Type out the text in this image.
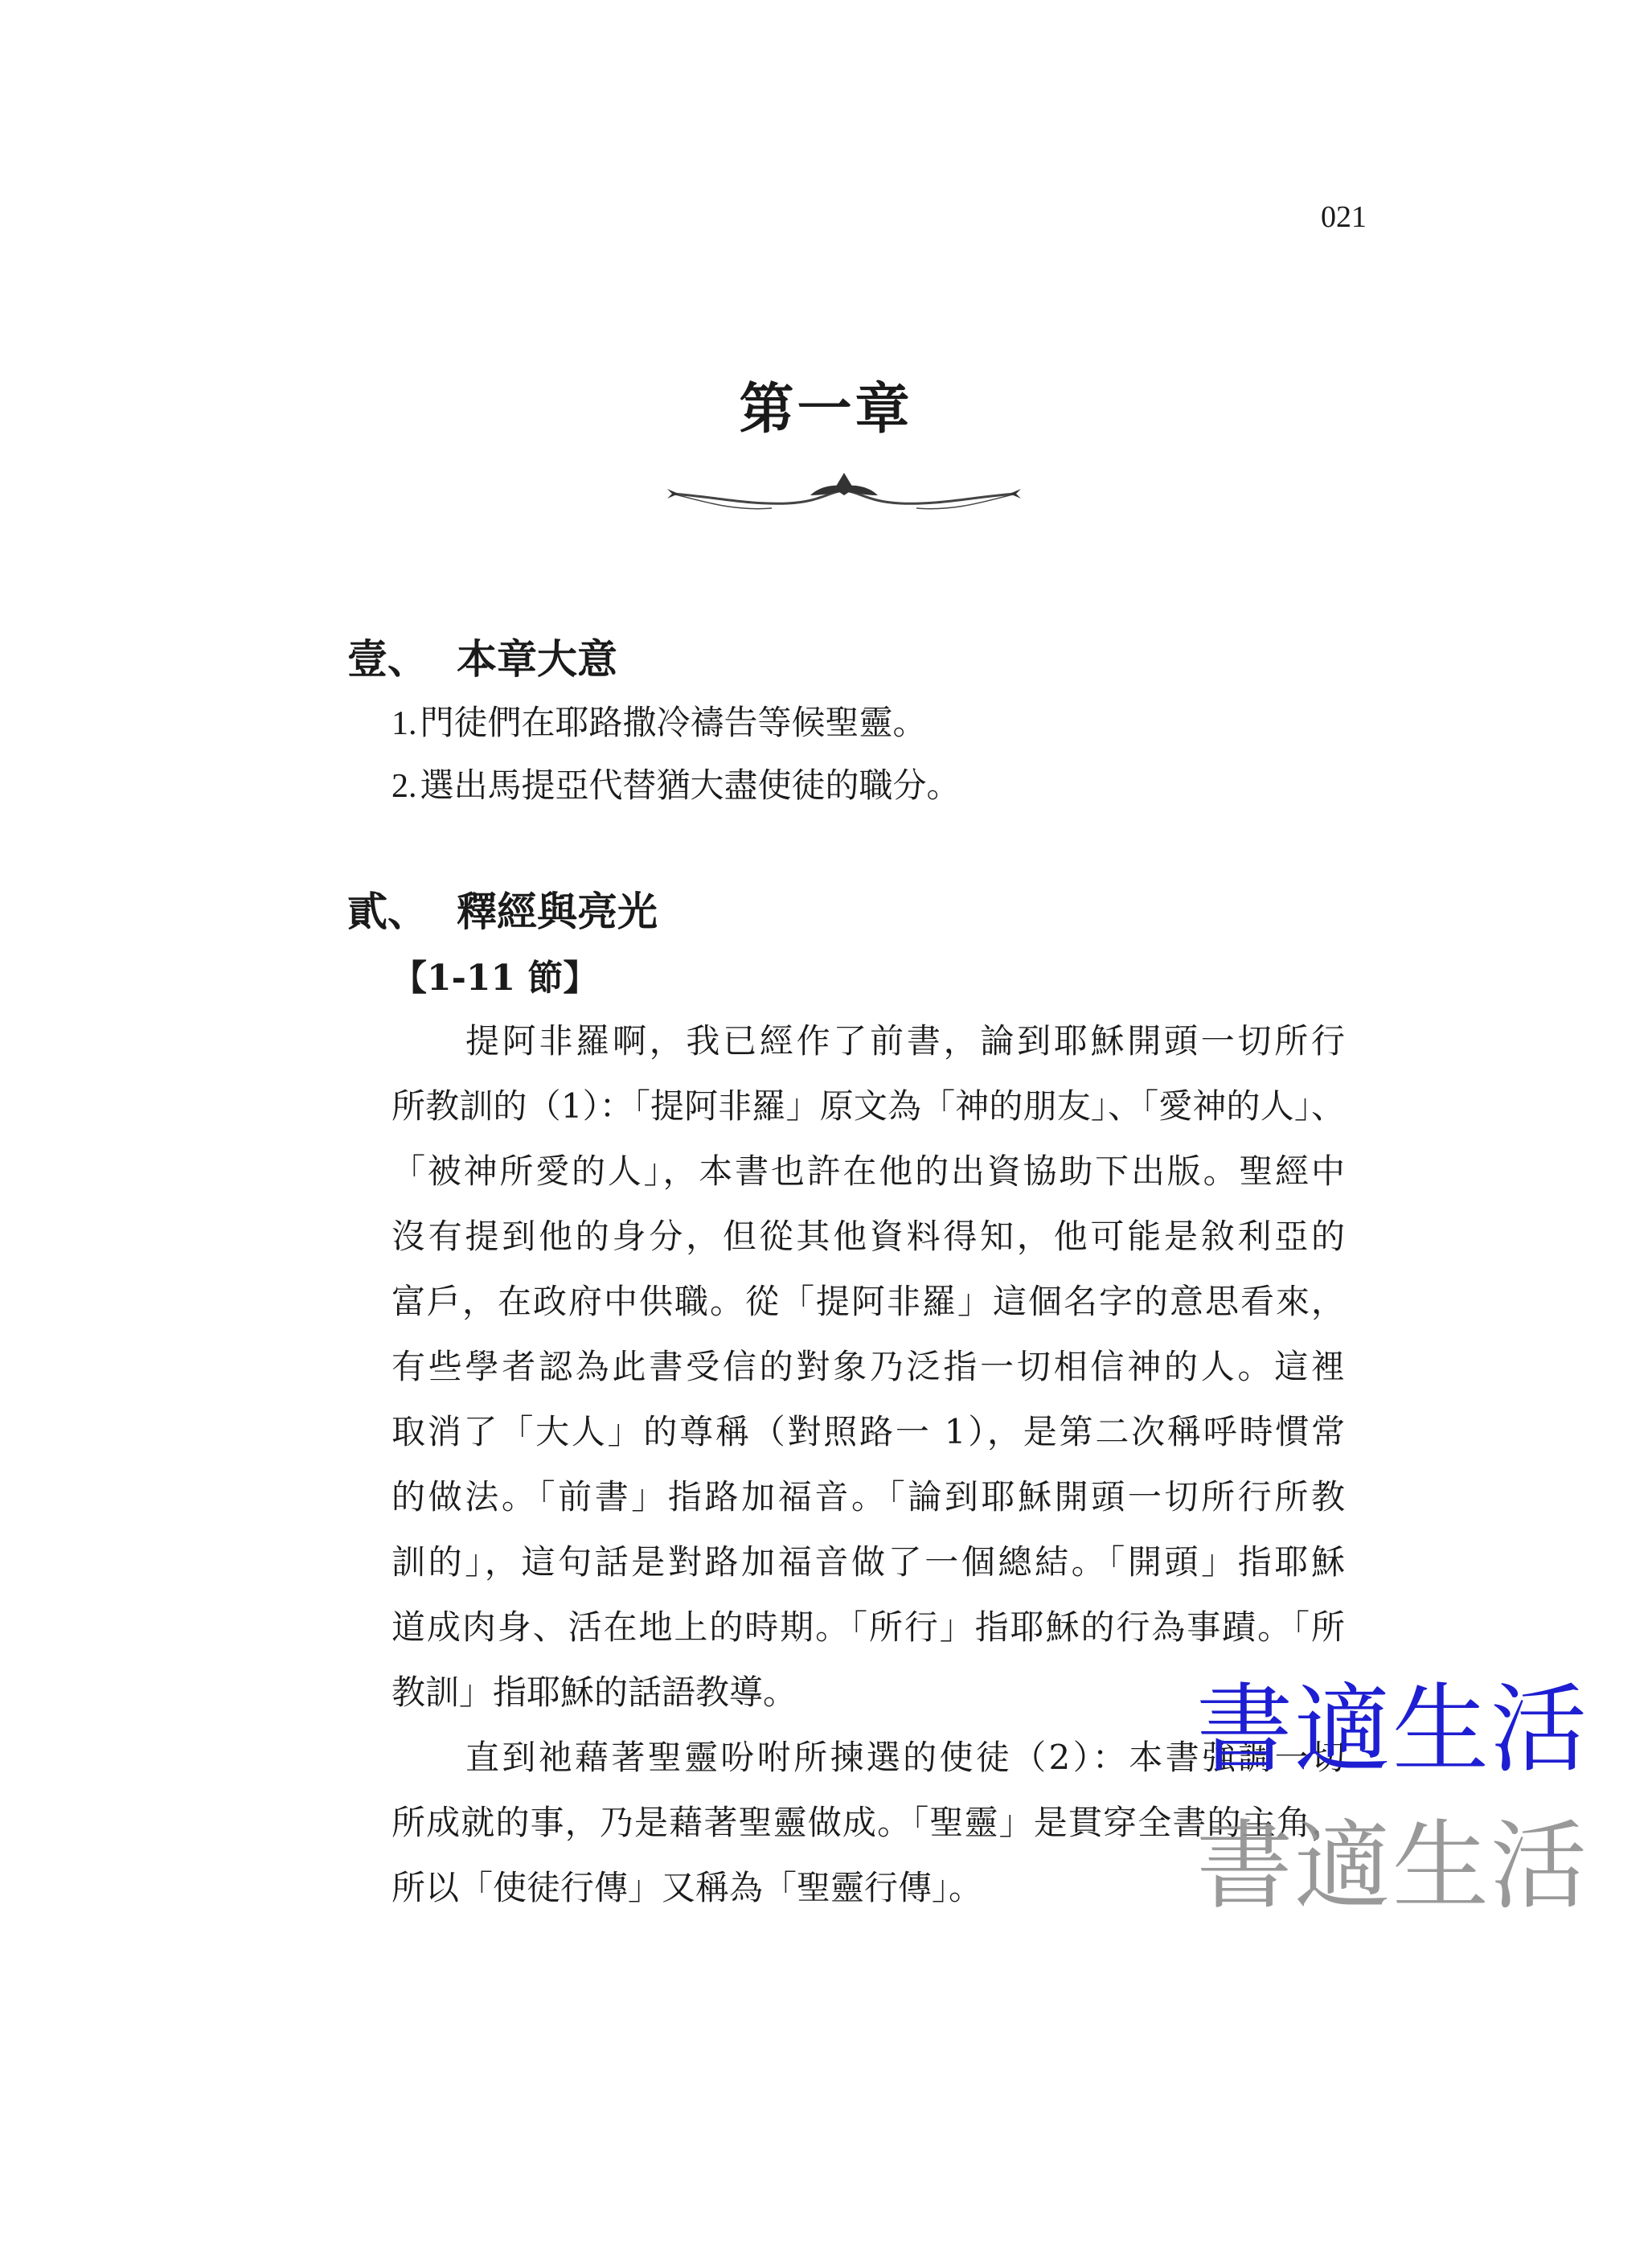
021
第一章
壹、 本章大意
1.門徒們在耶路撒冷禱告等候聖靈。
2.選出馬提亞代替猶大盡使徒的職分。
貳、 釋經與亮光
【1-11 節】
提阿非羅啊，我已經作了前書，論到耶穌開頭一切所行
所教訓的（1）：「提阿非羅」原文為「神的朋友」、「愛神的人」、
「被神所愛的人」，本書也許在他的出資協助下出版。聖經中
沒有提到他的身分，但從其他資料得知，他可能是敘利亞的
富戶，在政府中供職。從「提阿非羅」這個名字的意思看來，
有些學者認為此書受信的對象乃泛指一切相信神的人。這裡
取消了「大人」的尊稱（對照路一 1），是第二次稱呼時慣常
的做法。「前書」指路加福音。「論到耶穌開頭一切所行所教
訓的」，這句話是對路加福音做了一個總結。「開頭」指耶穌
道成肉身、活在地上的時期。「所行」指耶穌的行為事蹟。「所
教訓」指耶穌的話語教導。
直到祂藉著聖靈吩咐所揀選的使徒（2）：本書強調一切
所成就的事，乃是藉著聖靈做成。「聖靈」是貫穿全書的主角，
所以「使徒行傳」又稱為「聖靈行傳」。
書適生活
書適生活
